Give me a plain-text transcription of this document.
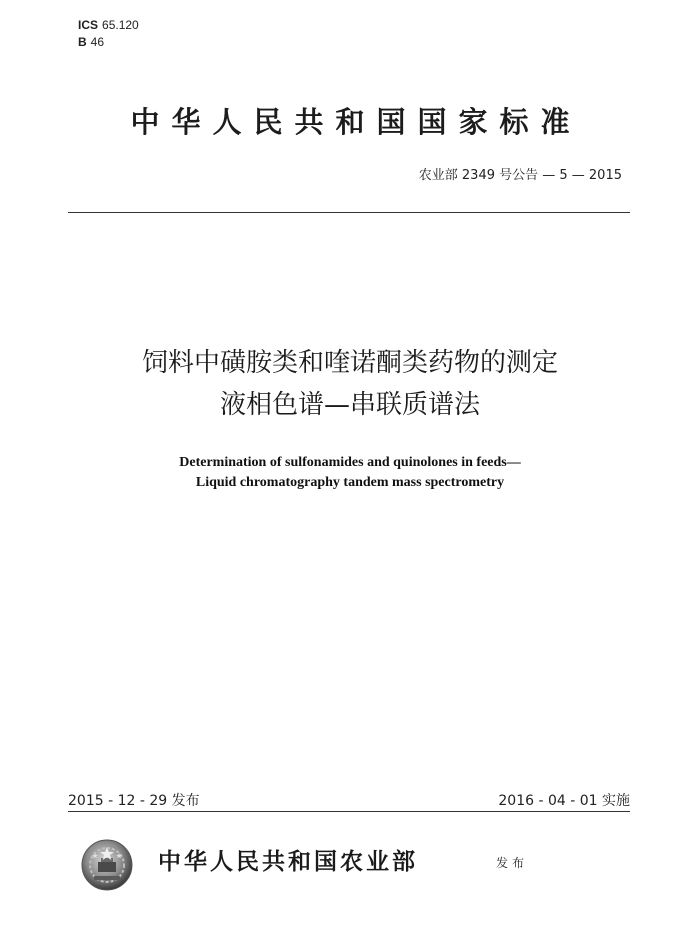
ICS 65.120
B 46
中华人民共和国国家标准
农业部 2349 号公告 — 5 — 2015
饲料中磺胺类和喹诺酮类药物的测定
液相色谱—串联质谱法
Determination of sulfonamides and quinolones in feeds—
Liquid chromatography tandem mass spectrometry
2015 - 12 - 29 发布	2016 - 04 - 01 实施
中华人民共和国农业部	发布
